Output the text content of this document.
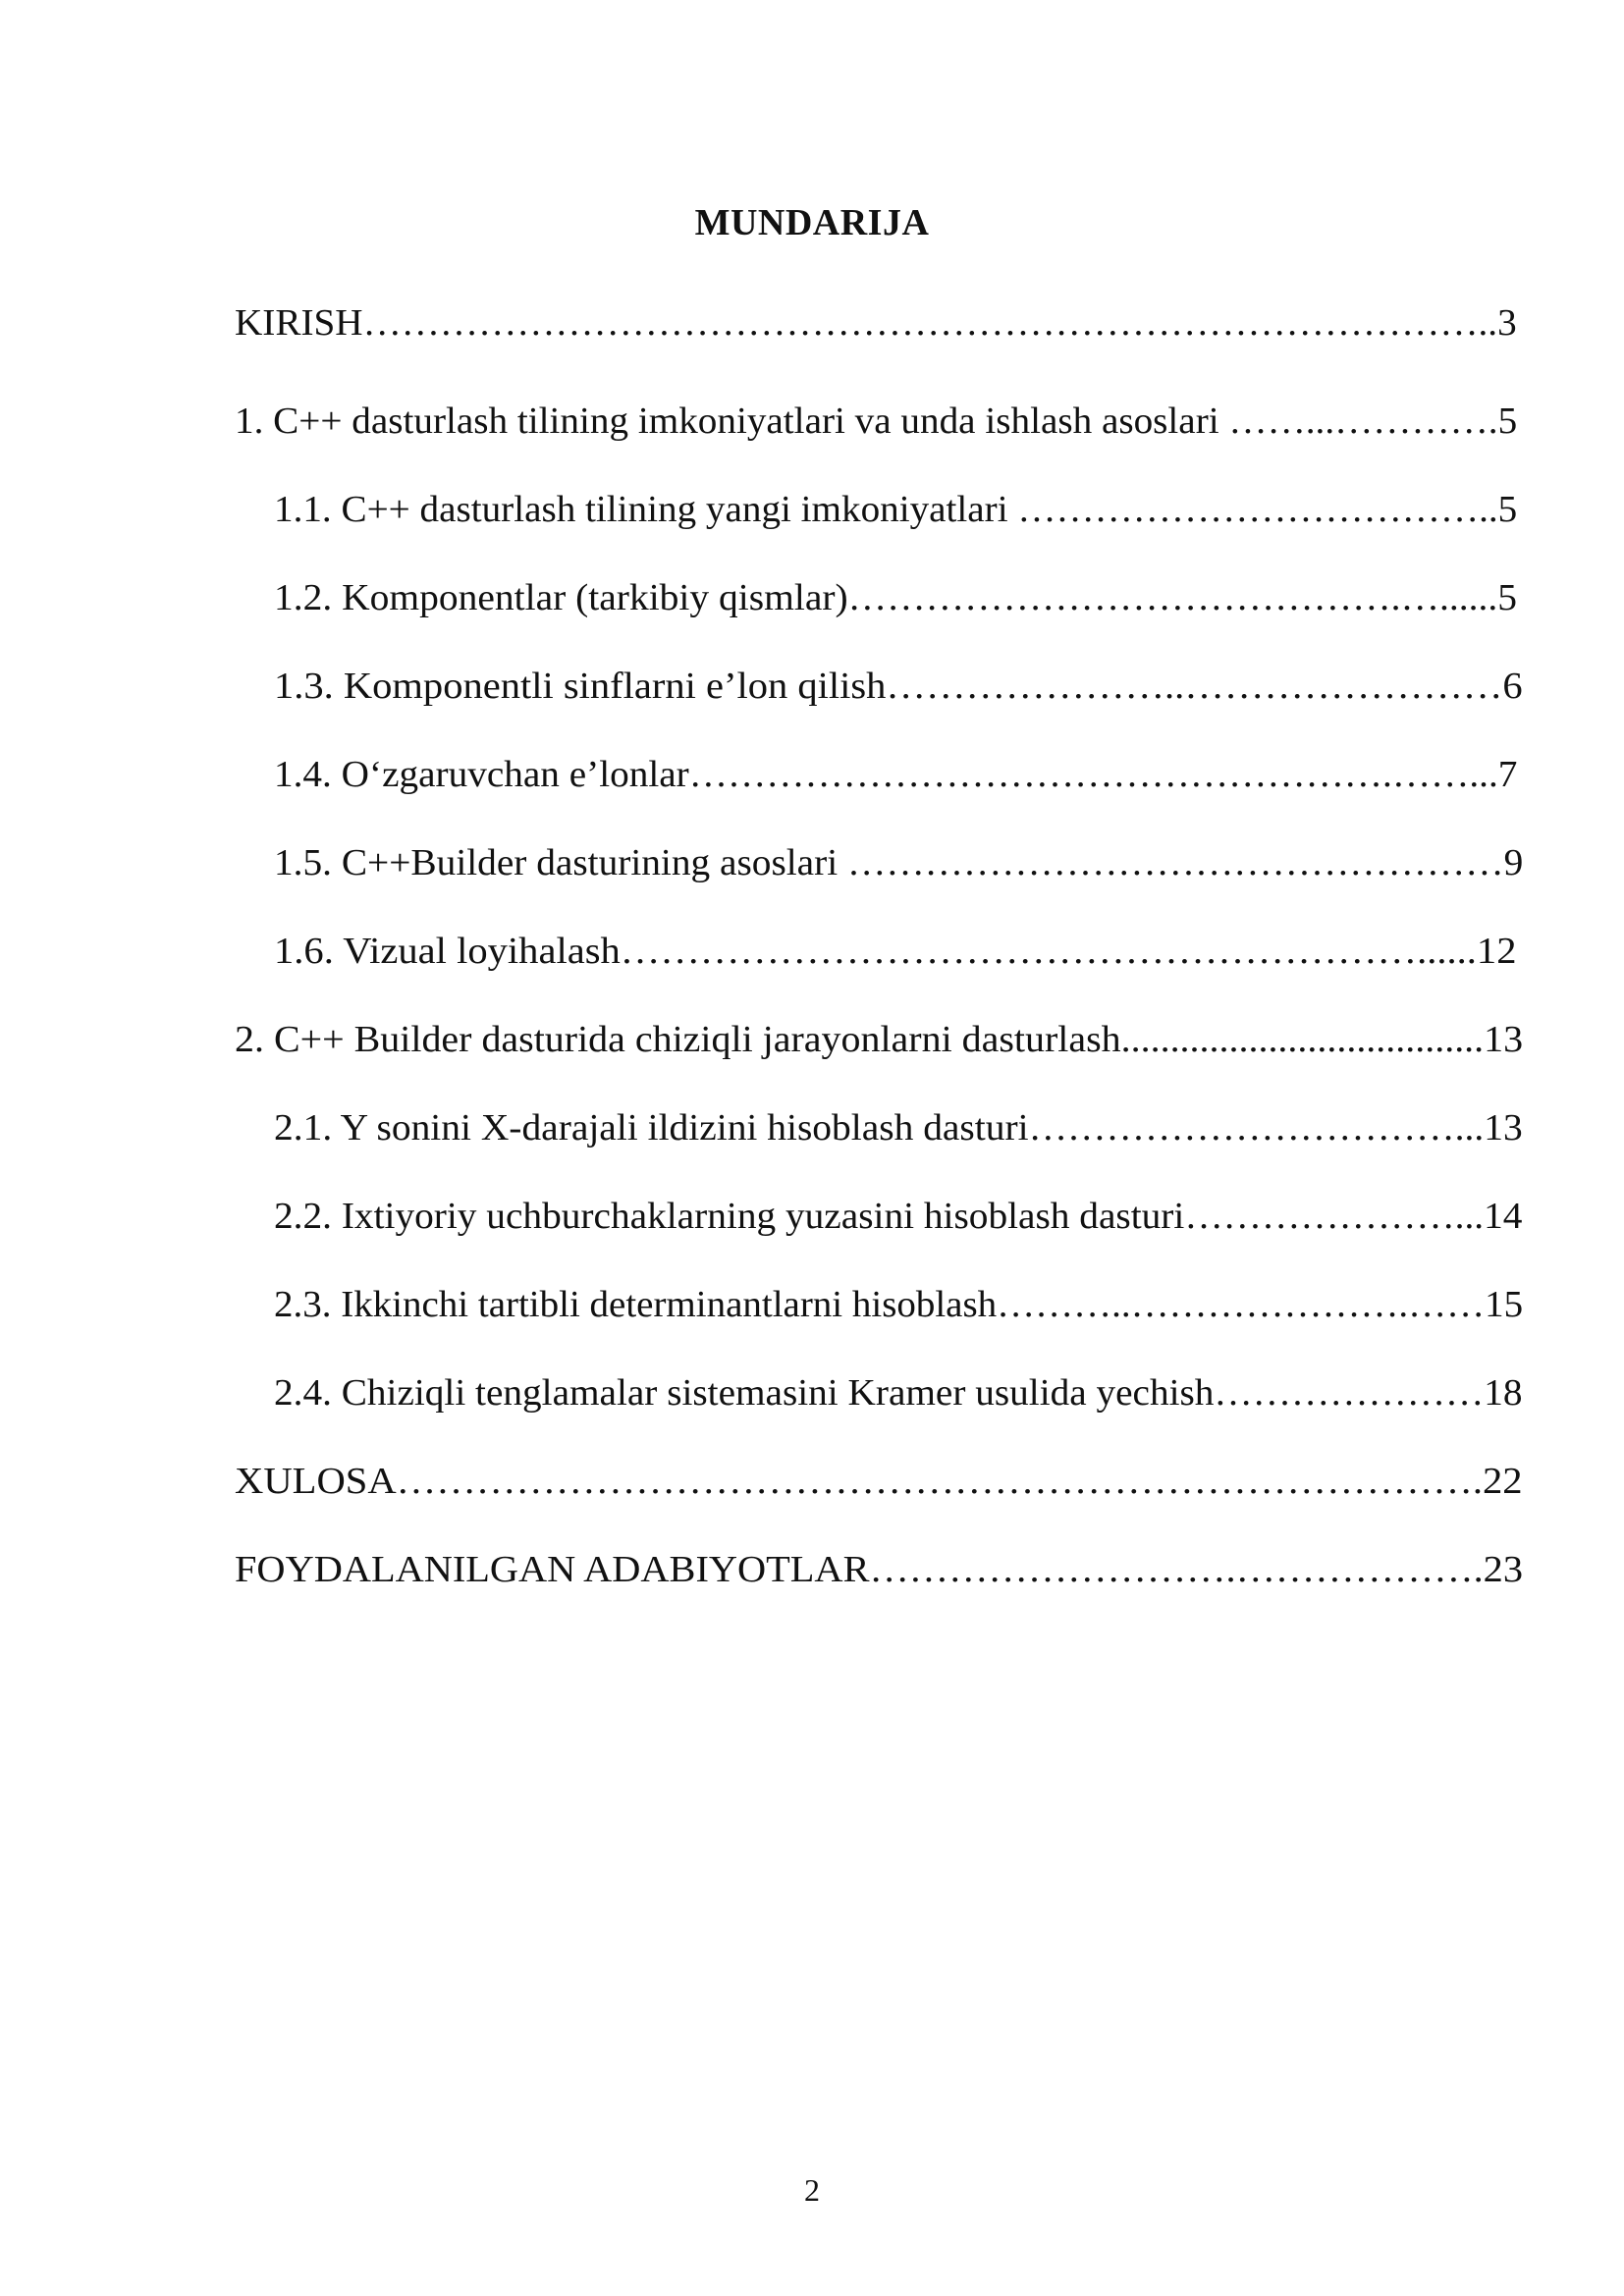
MUNDARIJA
KIRISH……………………………………………………………………………..3
1. C++ dasturlash tilining imkoniyatlari va unda ishlash asoslari ……...………….5
1.1. C++ dasturlash tilining yangi imkoniyatlari ………………………………..5
1.2. Komponentlar (tarkibiy qismlar)…………………………………….…......5
1.3. Komponentli sinflarni e’lon qilish…………………..……………………6
1.4. O‘zgaruvchan e’lonlar……………………………………………….……...7
1.5. C++Builder dasturining asoslari ……………………………………………9
1.6. Vizual loyihalash……………………………………………………......12
2. C++ Builder dasturida chiziqli jarayonlarni dasturlash.....................................13
2.1. Y sonini X-darajali ildizini hisoblash dasturi……………………………...13
2.2. Ixtiyoriy uchburchaklarning yuzasini hisoblash dasturi…………………...14
2.3. Ikkinchi tartibli determinantlarni hisoblash………..………………….……15
2.4. Chiziqli tenglamalar sistemasini Kramer usulida yechish…………………18
XULOSA……………………………………………………………………….22
FOYDALANILGAN ADABIYOTLAR……………………….……………….23
2
